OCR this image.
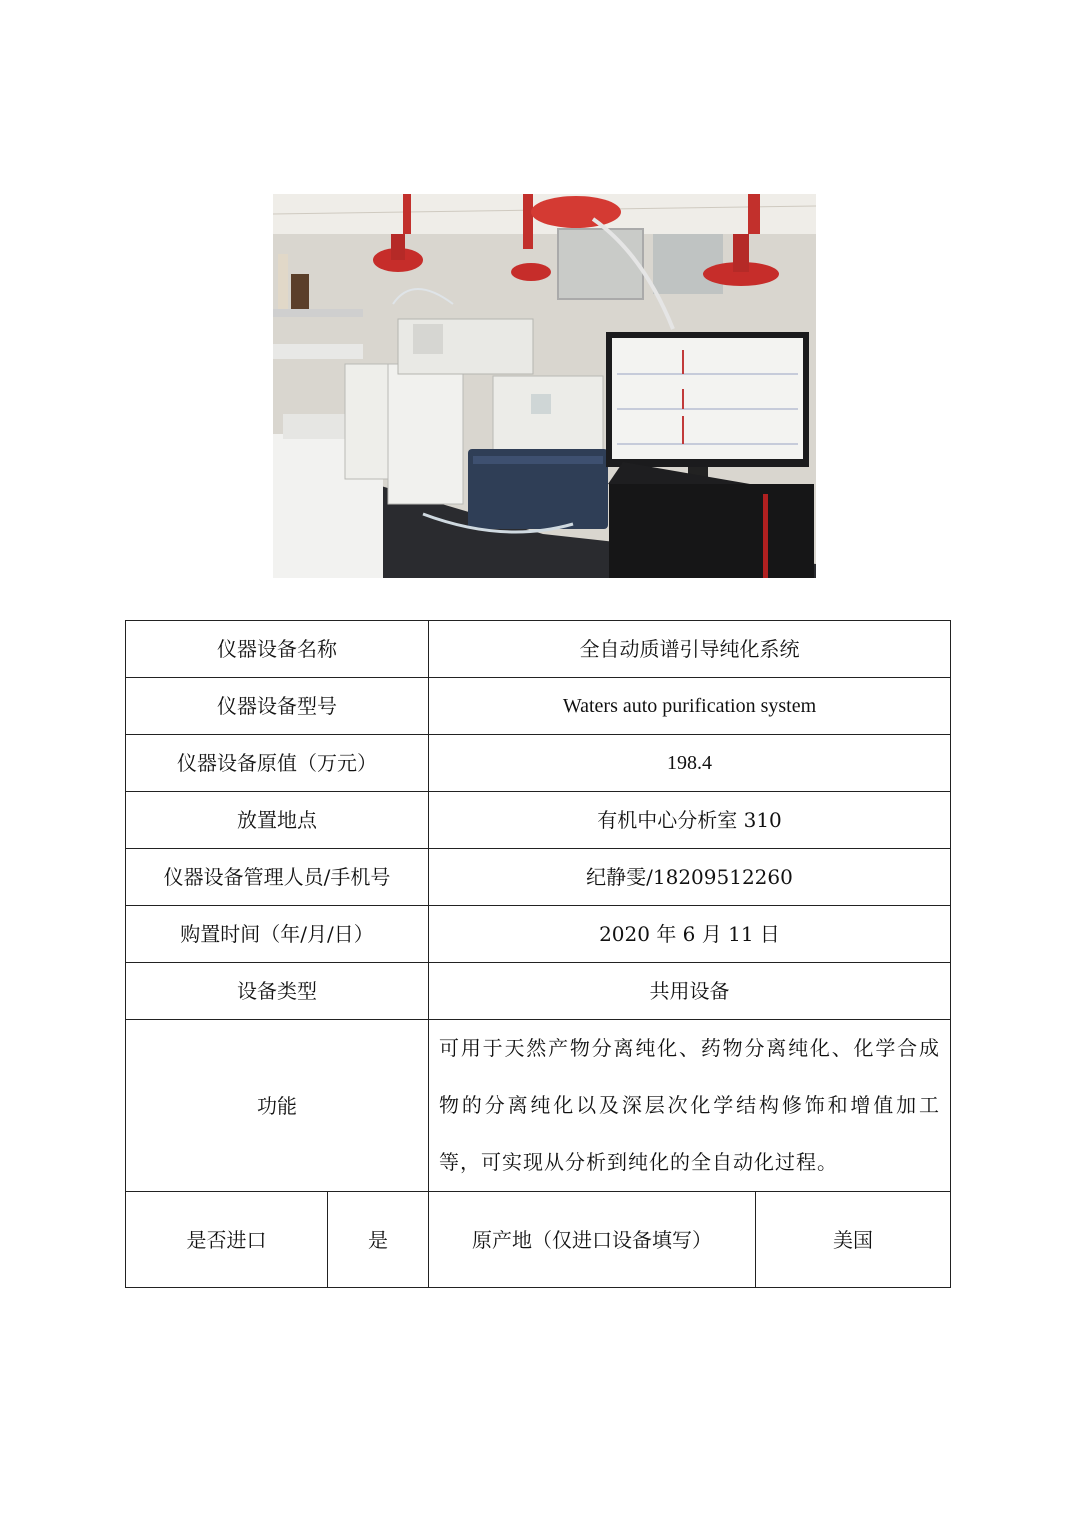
仪器设备名称		全自动质谱引导纯化系统	
仪器设备型号		Waters auto purification system	
仪器设备原值（万元）		198.4	
放置地点		有机中心分析室 310	
仪器设备管理人员/手机号		纪静雯/18209512260	
购置时间（年/月/日）		2020 年 6 月 11 日	
设备类型		共用设备	
功能		可用于天然产物分离纯化、药物分离纯化、化学合成物的分离纯化以及深层次化学结构修饰和增值加工等，可实现从分析到纯化的全自动化过程。	
是否进口	是	原产地（仅进口设备填写）	美国
